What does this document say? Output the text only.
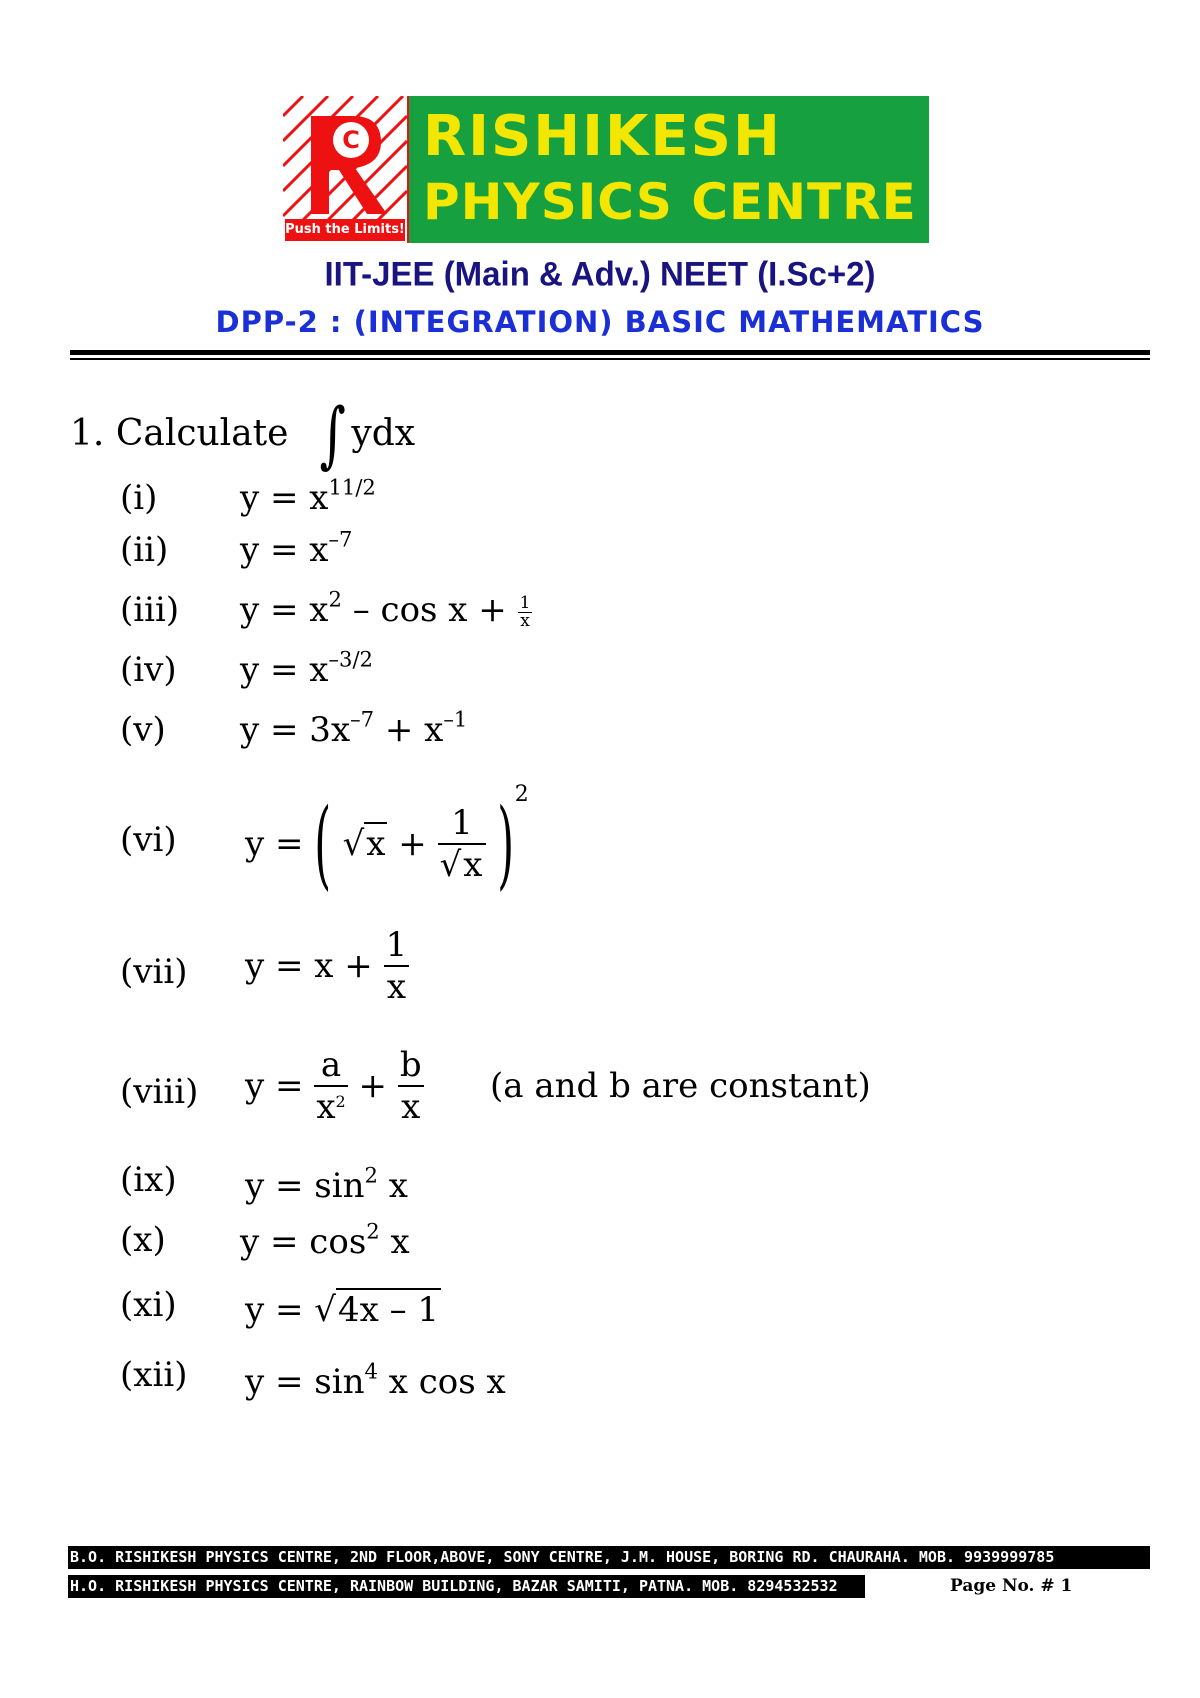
C
Push the Limits!
RISHIKESH
PHYSICS CENTRE
IIT-JEE (Main & Adv.) NEET (I.Sc+2)
DPP-2 : (INTEGRATION) BASIC MATHEMATICS
1. Calculate ∫ ydx
(i) $y = x^{11/2}$
(ii) $y = x^{-7}$
(iii) $y = x^2 - \cos x + \frac{1}{x}$
(iv) $y = x^{-3/2}$
(v) $y = 3x^{-7} + x^{-1}$
(vi) y = ( $√x + \frac{1}{√x} )^2$
(vii) $y = x + \frac{1}{x}$
(viii) $y = \frac{a}{x^2} + \frac{b}{x} (a$ and b are constant)
(ix) $y = \sin^2 x$
(x) $y = \cos^2 x$
(xi) y = √4x – 1
(xii) $y = \sin^4 x$ cos x
B.O. RISHIKESH PHYSICS CENTRE, 2ND FLOOR,ABOVE, SONY CENTRE, J.M. HOUSE, BORING RD. CHAURAHA. MOB. 9939999785
H.O. RISHIKESH PHYSICS CENTRE, RAINBOW BUILDING, BAZAR SAMITI, PATNA. MOB. 8294532532	Page No. # 1
